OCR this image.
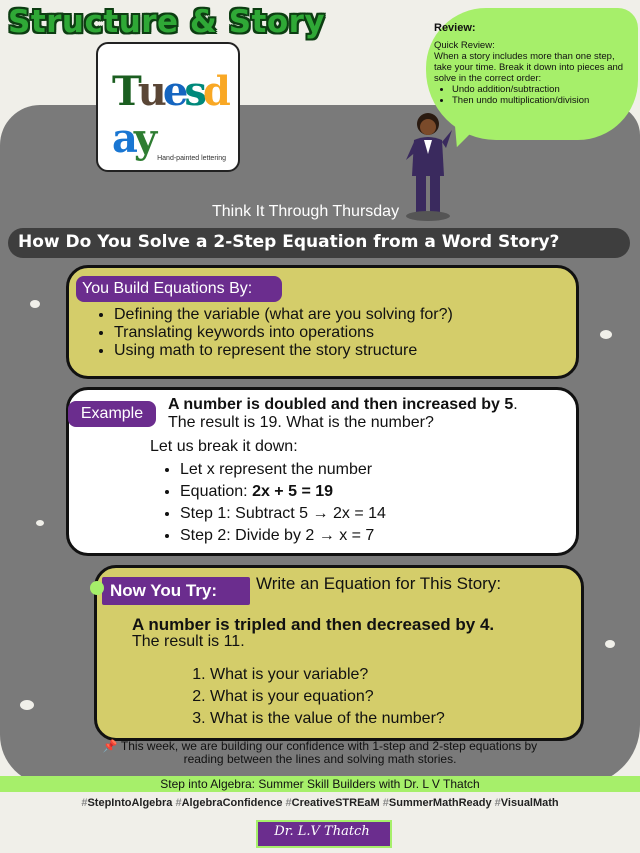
Structure & Story
Tuesday Hand-painted lettering
Review:
Quick Review:
When a story includes more than one step, take your time. Break it down into pieces and solve in the correct order:
• Undo addition/subtraction
• Then undo multiplication/division
Think It Through Thursday
How Do You Solve a 2-Step Equation from a Word Story?
You Build Equations By:
• Defining the variable (what are you solving for?)
• Translating keywords into operations
• Using math to represent the story structure
Example
A number is doubled and then increased by 5.
The result is 19. What is the number?
Let us break it down:
• Let x represent the number
• Equation: 2x + 5 = 19
• Step 1: Subtract 5 → 2x = 14
• Step 2: Divide by 2 → x = 7
Now You Try:	Write an Equation for This Story:
A number is tripled and then decreased by 4.
The result is 11.
1. What is your variable?
2. What is your equation?
3. What is the value of the number?
📌 This week, we are building our confidence with 1-step and 2-step equations by reading between the lines and solving math stories.
Step into Algebra: Summer Skill Builders with Dr. L V Thatch
#StepIntoAlgebra #AlgebraConfidence #CreativeSTREaM #SummerMathReady #VisualMath
Dr. L.V Thatch
